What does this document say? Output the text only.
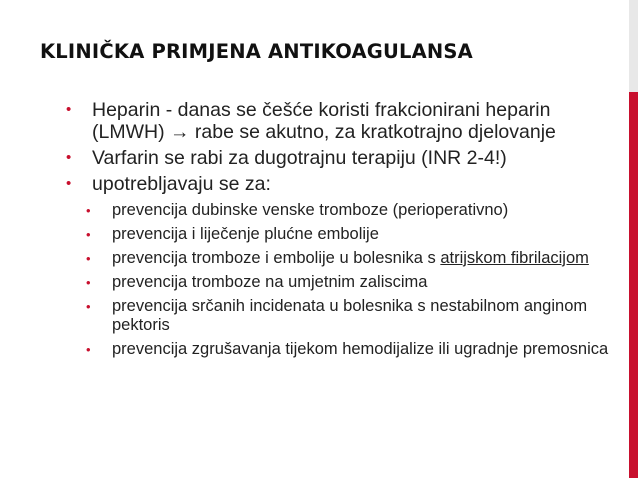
KLINIČKA PRIMJENA ANTIKOAGULANSA
• Heparin - danas se češće koristi frakcionirani heparin (LMWH) → rabe se akutno, za kratkotrajno djelovanje
• Varfarin se rabi za dugotrajnu terapiju (INR 2-4!)
• upotrebljavaju se za:
• prevencija dubinske venske tromboze (perioperativno)
• prevencija i liječenje plućne embolije
• prevencija tromboze i embolije u bolesnika s atrijskom fibrilacijom
• prevencija tromboze na umjetnim zaliscima
• prevencija srčanih incidenata u bolesnika s nestabilnom anginom pektoris
• prevencija zgrušavanja tijekom hemodijalize ili ugradnje premosnica
